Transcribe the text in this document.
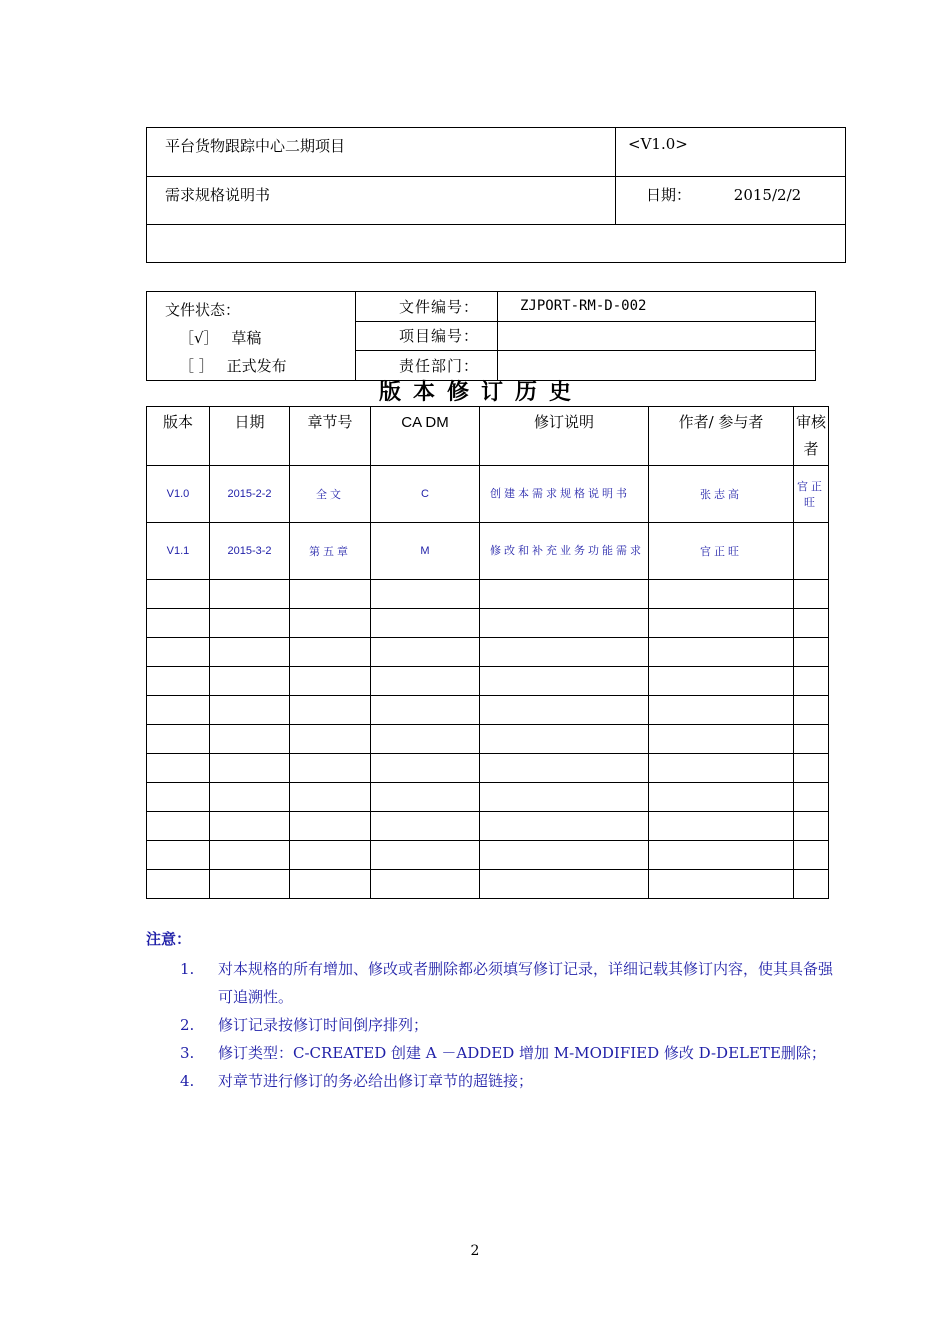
平台货物跟踪中心二期项目	<V1.0>
需求规格说明书	日期： 2015/2/2

文件状态：
［√］ 草稿
［ ］ 正式发布	文件编号：	ZJPORT-RM-D-002
	项目编号：	
	责任部门：	
版本修订历史
版本	日期	章节号	CA DM	修订说明	作者/ 参与者	审核者
V1.0	2015-2-2	全文	C	创建本需求规格说明书	张志高	官正旺
V1.1	2015-3-2	第五章	M	修改和补充业务功能需求	官正旺	

注意：
1.	对本规格的所有增加、修改或者删除都必须填写修订记录，详细记载其修订内容，使其具备强可追溯性。
2.	修订记录按修订时间倒序排列；
3.	修订类型：C-CREATED 创建 A －ADDED 增加 M-MODIFIED 修改 D-DELETE删除；
4.	对章节进行修订的务必给出修订章节的超链接；
2
